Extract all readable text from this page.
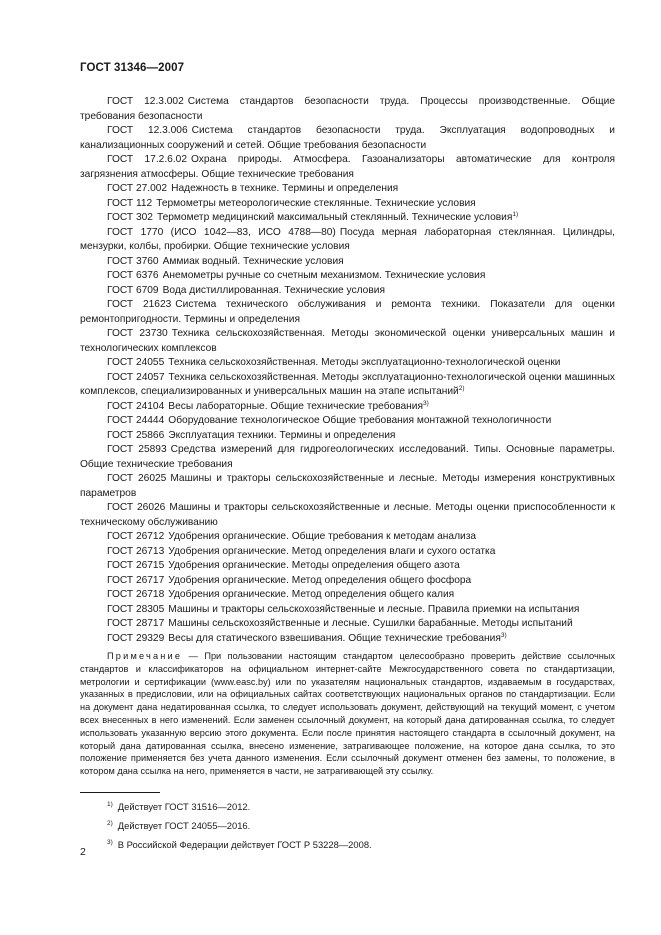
ГОСТ 31346—2007

ГОСТ 12.3.002 Система стандартов безопасности труда. Процессы производственные. Общие требования безопасности

ГОСТ 12.3.006 Система стандартов безопасности труда. Эксплуатация водопроводных и канализационных сооружений и сетей. Общие требования безопасности

ГОСТ 17.2.6.02 Охрана природы. Атмосфера. Газоанализаторы автоматические для контроля загрязнения атмосферы. Общие технические требования

ГОСТ 27.002 Надежность в технике. Термины и определения

ГОСТ 112 Термометры метеорологические стеклянные. Технические условия

ГОСТ 302 Термометр медицинский максимальный стеклянный. Технические условия$^{1)}$

ГОСТ 1770 (ИСО 1042—83, ИСО 4788—80) Посуда мерная лабораторная стеклянная. Цилиндры, мензурки, колбы, пробирки. Общие технические условия

ГОСТ 3760 Аммиак водный. Технические условия

ГОСТ 6376 Анемометры ручные со счетным механизмом. Технические условия

ГОСТ 6709 Вода дистиллированная. Технические условия

ГОСТ 21623 Система технического обслуживания и ремонта техники. Показатели для оценки ремонтопригодности. Термины и определения

ГОСТ 23730 Техника сельскохозяйственная. Методы экономической оценки универсальных машин и технологических комплексов

ГОСТ 24055 Техника сельскохозяйственная. Методы эксплуатационно-технологической оценки

ГОСТ 24057 Техника сельскохозяйственная. Методы эксплуатационно-технологической оценки машинных комплексов, специализированных и универсальных машин на этапе испытаний$^{2)}$

ГОСТ 24104 Весы лабораторные. Общие технические требования$^{3)}$

ГОСТ 24444 Оборудование технологическое Общие требования монтажной технологичности

ГОСТ 25866 Эксплуатация техники. Термины и определения

ГОСТ 25893 Средства измерений для гидрогеологических исследований. Типы. Основные параметры. Общие технические требования

ГОСТ 26025 Машины и тракторы сельскохозяйственные и лесные. Методы измерения конструктивных параметров

ГОСТ 26026 Машины и тракторы сельскохозяйственные и лесные. Методы оценки приспособленности к техническому обслуживанию

ГОСТ 26712 Удобрения органические. Общие требования к методам анализа

ГОСТ 26713 Удобрения органические. Метод определения влаги и сухого остатка

ГОСТ 26715 Удобрения органические. Методы определения общего азота

ГОСТ 26717 Удобрения органические. Метод определения общего фосфора

ГОСТ 26718 Удобрения органические. Метод определения общего калия

ГОСТ 28305 Машины и тракторы сельскохозяйственные и лесные. Правила приемки на испытания

ГОСТ 28717 Машины сельскохозяйственные и лесные. Сушилки барабанные. Методы испытаний

ГОСТ 29329 Весы для статического взвешивания. Общие технические требования$^{3)}$

Примечание — При пользовании настоящим стандартом целесообразно проверить действие ссылочных стандартов и классификаторов на официальном интернет-сайте Межгосударственного совета по стандартизации, метрологии и сертификации (www.easc.by) или по указателям национальных стандартов, издаваемым в государствах, указанных в предисловии, или на официальных сайтах соответствующих национальных органов по стандартизации. Если на документ дана недатированная ссылка, то следует использовать документ, действующий на текущий момент, с учетом всех внесенных в него изменений. Если заменен ссылочный документ, на который дана датированная ссылка, то следует использовать указанную версию этого документа. Если после принятия настоящего стандарта в ссылочный документ, на который дана датированная ссылка, внесено изменение, затрагивающее положение, на которое дана ссылка, то это положение применяется без учета данного изменения. Если ссылочный документ отменен без замены, то положение, в котором дана ссылка на него, применяется в части, не затрагивающей эту ссылку.

$^{1)}$ Действует ГОСТ 31516—2012.

$^{2)}$ Действует ГОСТ 24055—2016.

$^{3)}$ В Российской Федерации действует ГОСТ Р 53228—2008.

2
